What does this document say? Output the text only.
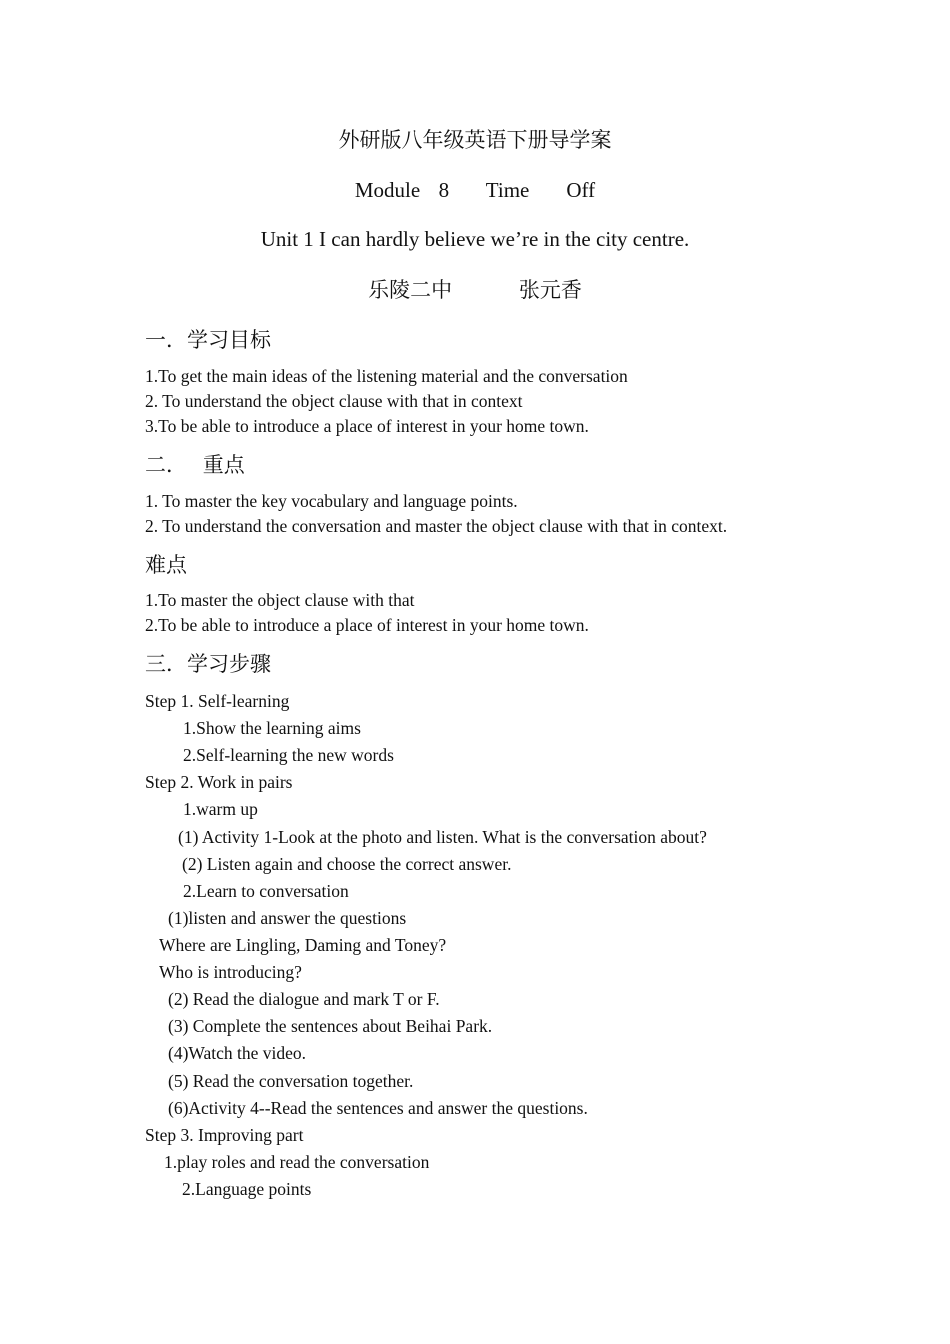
外研版八年级英语下册导学案
Module  8    Time    Off
Unit 1 I can hardly believe we’re in the city centre.
乐陵二中    张元香
一．学习目标
1.To get the main ideas of the listening material and the conversation
2. To understand the object clause with that in context
3.To be able to introduce a place of interest in your home town.
二．   重点
1. To master the key vocabulary and language points.
2. To understand the conversation and master the object clause with that in context.
难点
1.To master the object clause with that
2.To be able to introduce a place of interest in your home town.
三．学习步骤
Step 1. Self-learning
1.Show the learning aims
2.Self-learning the new words
Step 2. Work in pairs
1.warm up
(1) Activity 1-Look at the photo and listen. What is the conversation about?
(2) Listen again and choose the correct answer.
2.Learn to conversation
(1)listen and answer the questions
Where are Lingling, Daming and Toney?
Who is introducing?
(2) Read the dialogue and mark T or F.
(3) Complete the sentences about Beihai Park.
(4)Watch the video.
(5) Read the conversation together.
(6)Activity 4--Read the sentences and answer the questions.
Step 3. Improving part
1.play roles and read the conversation
2.Language points
